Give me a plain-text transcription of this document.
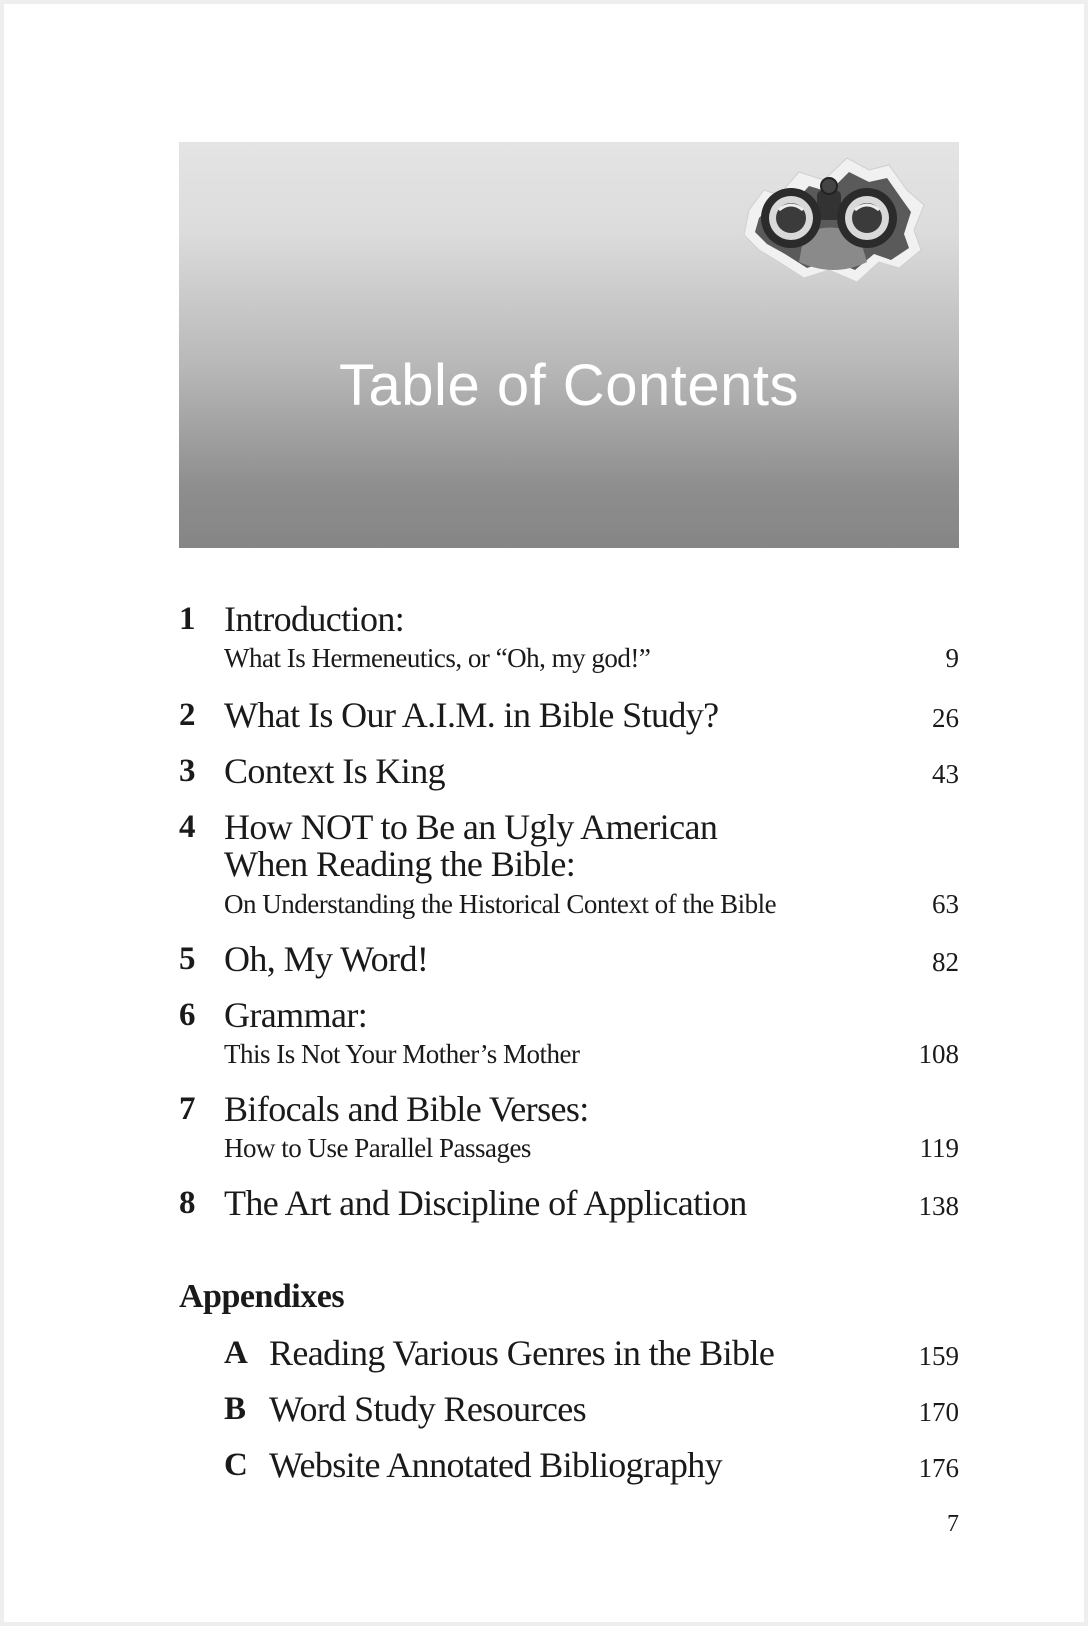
Table of Contents
1 Introduction:
What Is Hermeneutics, or “Oh, my god!”	9
2 What Is Our A.I.M. in Bible Study?	26
3 Context Is King	43
4 How NOT to Be an Ugly American
When Reading the Bible:
On Understanding the Historical Context of the Bible	63
5 Oh, My Word!	82
6 Grammar:
This Is Not Your Mother’s Mother	108
7 Bifocals and Bible Verses:
How to Use Parallel Passages	119
8 The Art and Discipline of Application	138
Appendixes
A Reading Various Genres in the Bible	159
B Word Study Resources	170
C Website Annotated Bibliography	176
7
